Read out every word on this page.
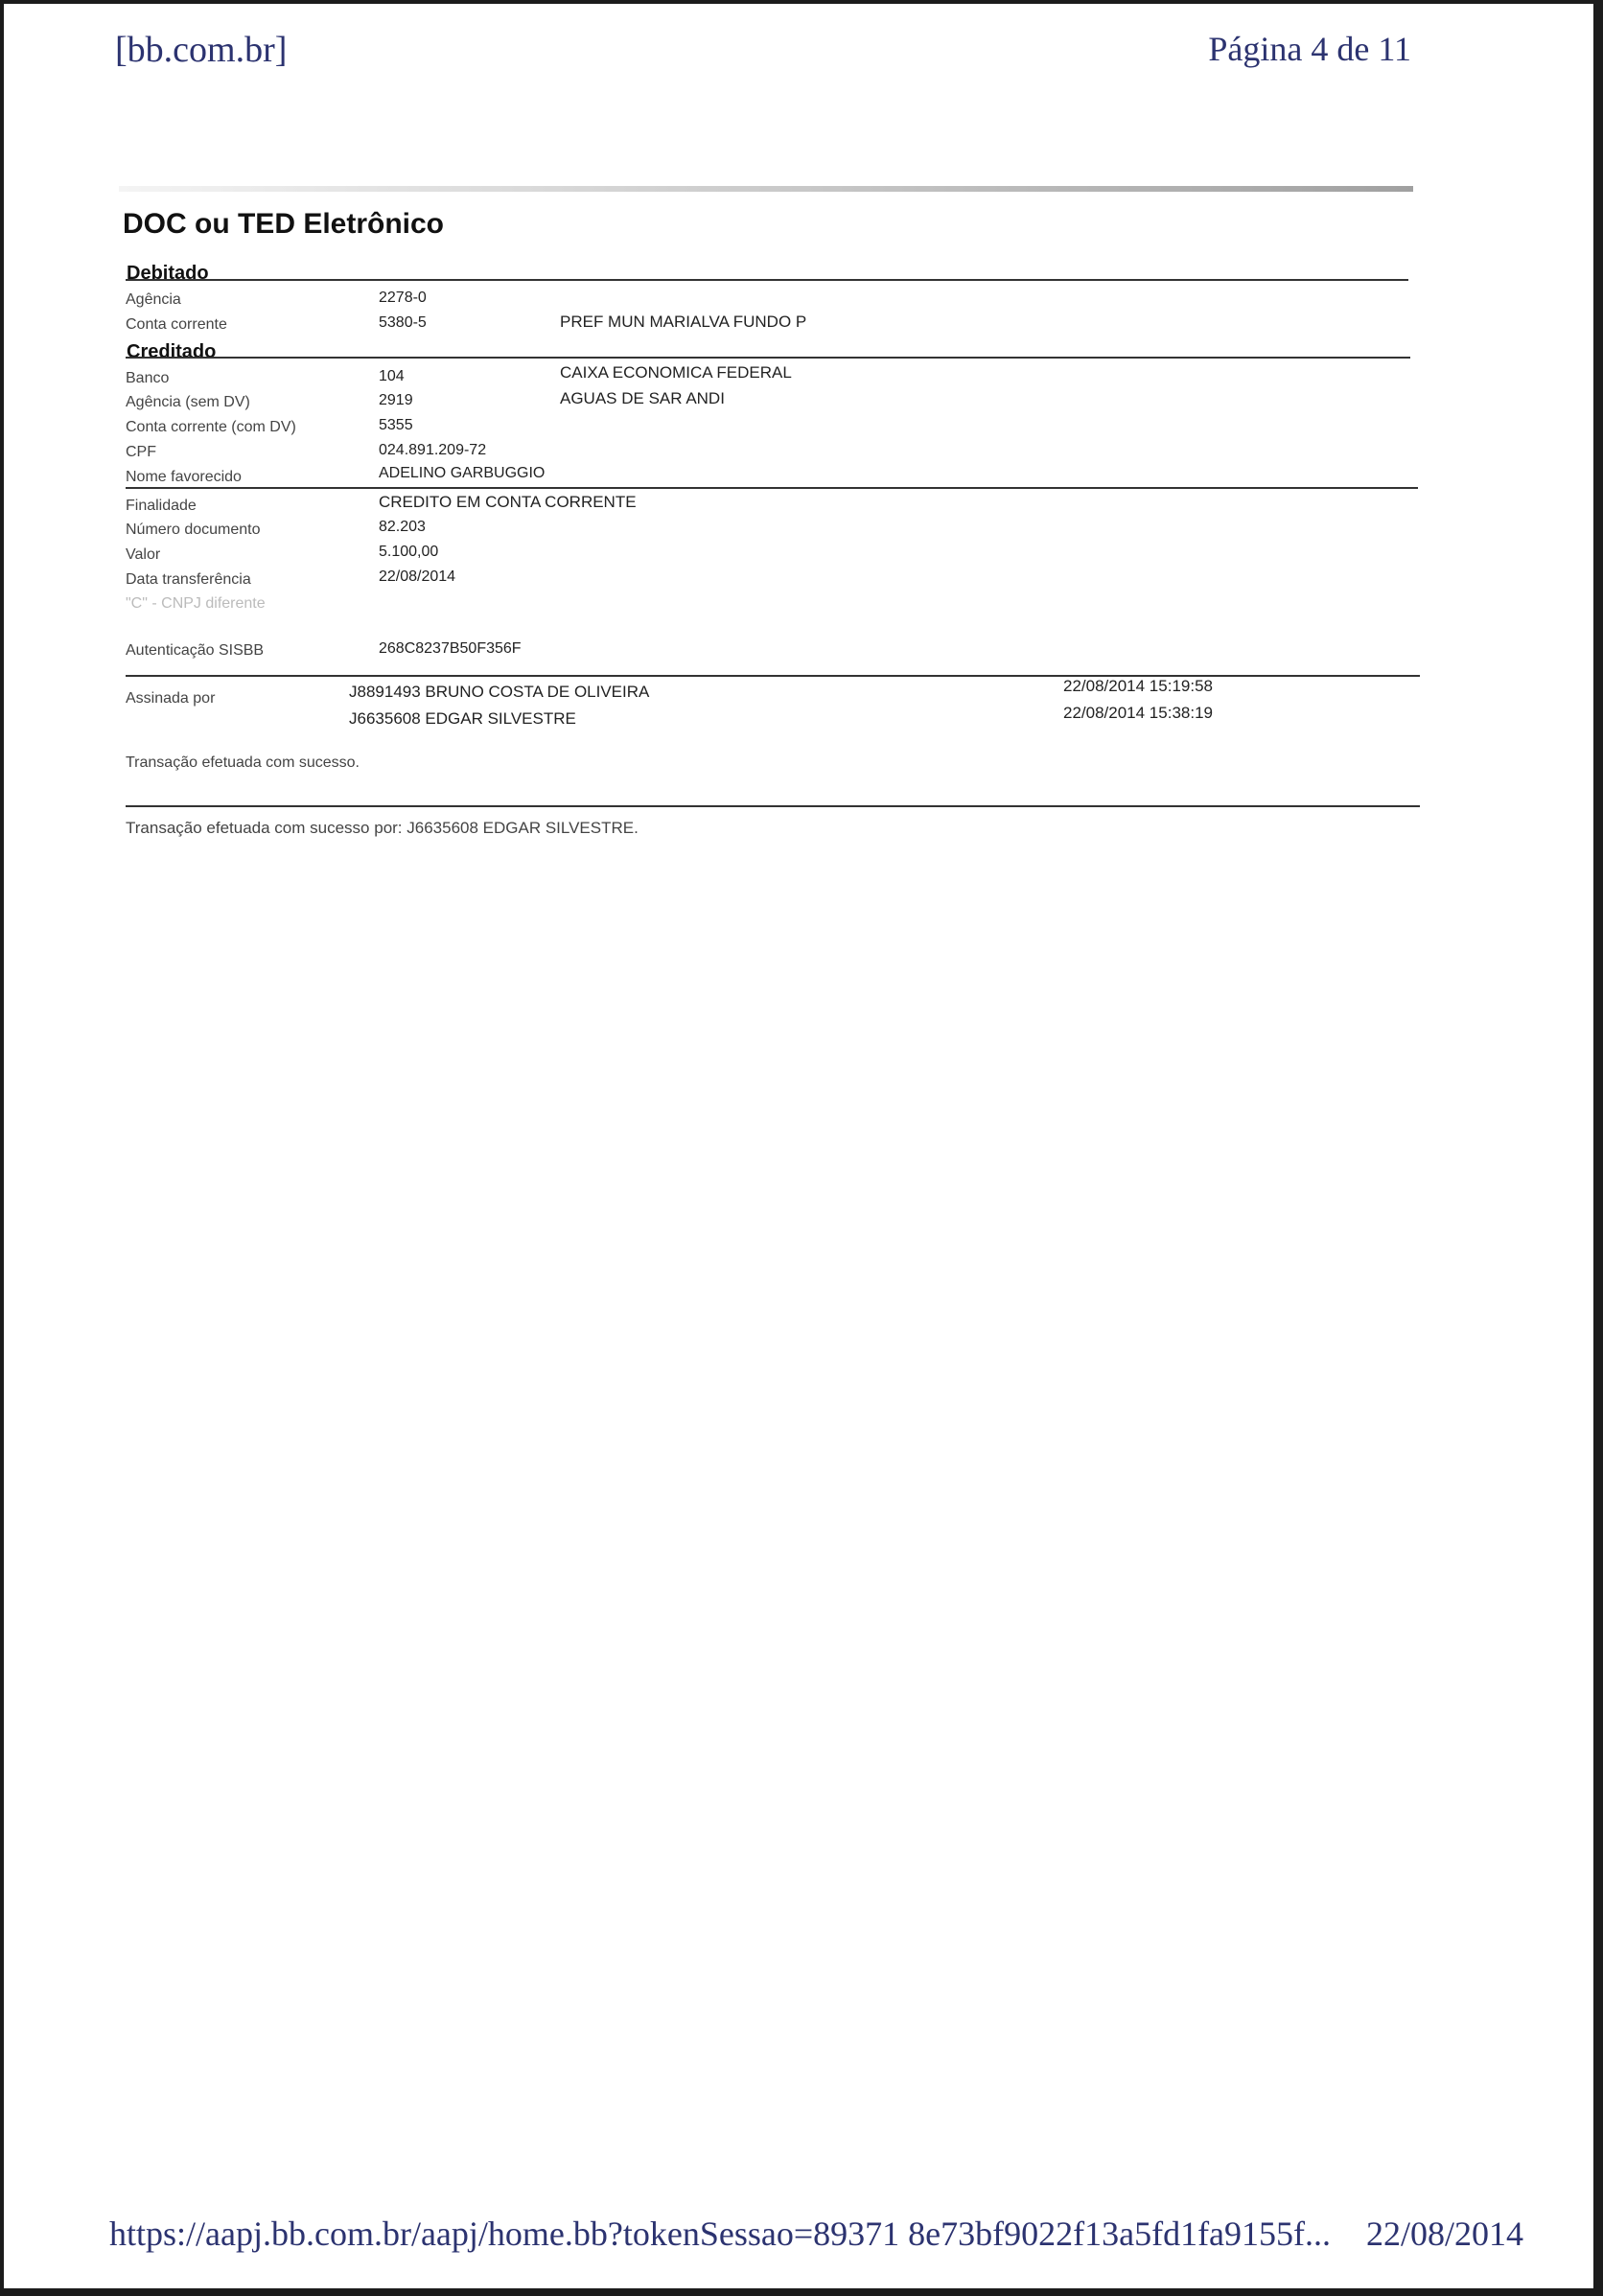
[bb.com.br]	Página 4 de 11
DOC ou TED Eletrônico
Debitado
Agência	2278-0
Conta corrente	5380-5	PREF MUN MARIALVA FUNDO P
Creditado
Banco	104	CAIXA ECONOMICA FEDERAL
Agência (sem DV)	2919	AGUAS DE SAR ANDI
Conta corrente (com DV)	5355
CPF	024.891.209-72
Nome favorecido	ADELINO GARBUGGIO
Finalidade	CREDITO EM CONTA CORRENTE
Número documento	82.203
Valor	5.100,00
Data transferência	22/08/2014
"C" - CNPJ diferente
Autenticação SISBB	268C8237B50F356F
Assinada por	J8891493 BRUNO COSTA DE OLIVEIRA	22/08/2014 15:19:58
J6635608 EDGAR SILVESTRE	22/08/2014 15:38:19
Transação efetuada com sucesso.
Transação efetuada com sucesso por: J6635608 EDGAR SILVESTRE.
https://aapj.bb.com.br/aapj/home.bb?tokenSessao=89371 8e73bf9022f13a5fd1fa9155f... 22/08/2014
